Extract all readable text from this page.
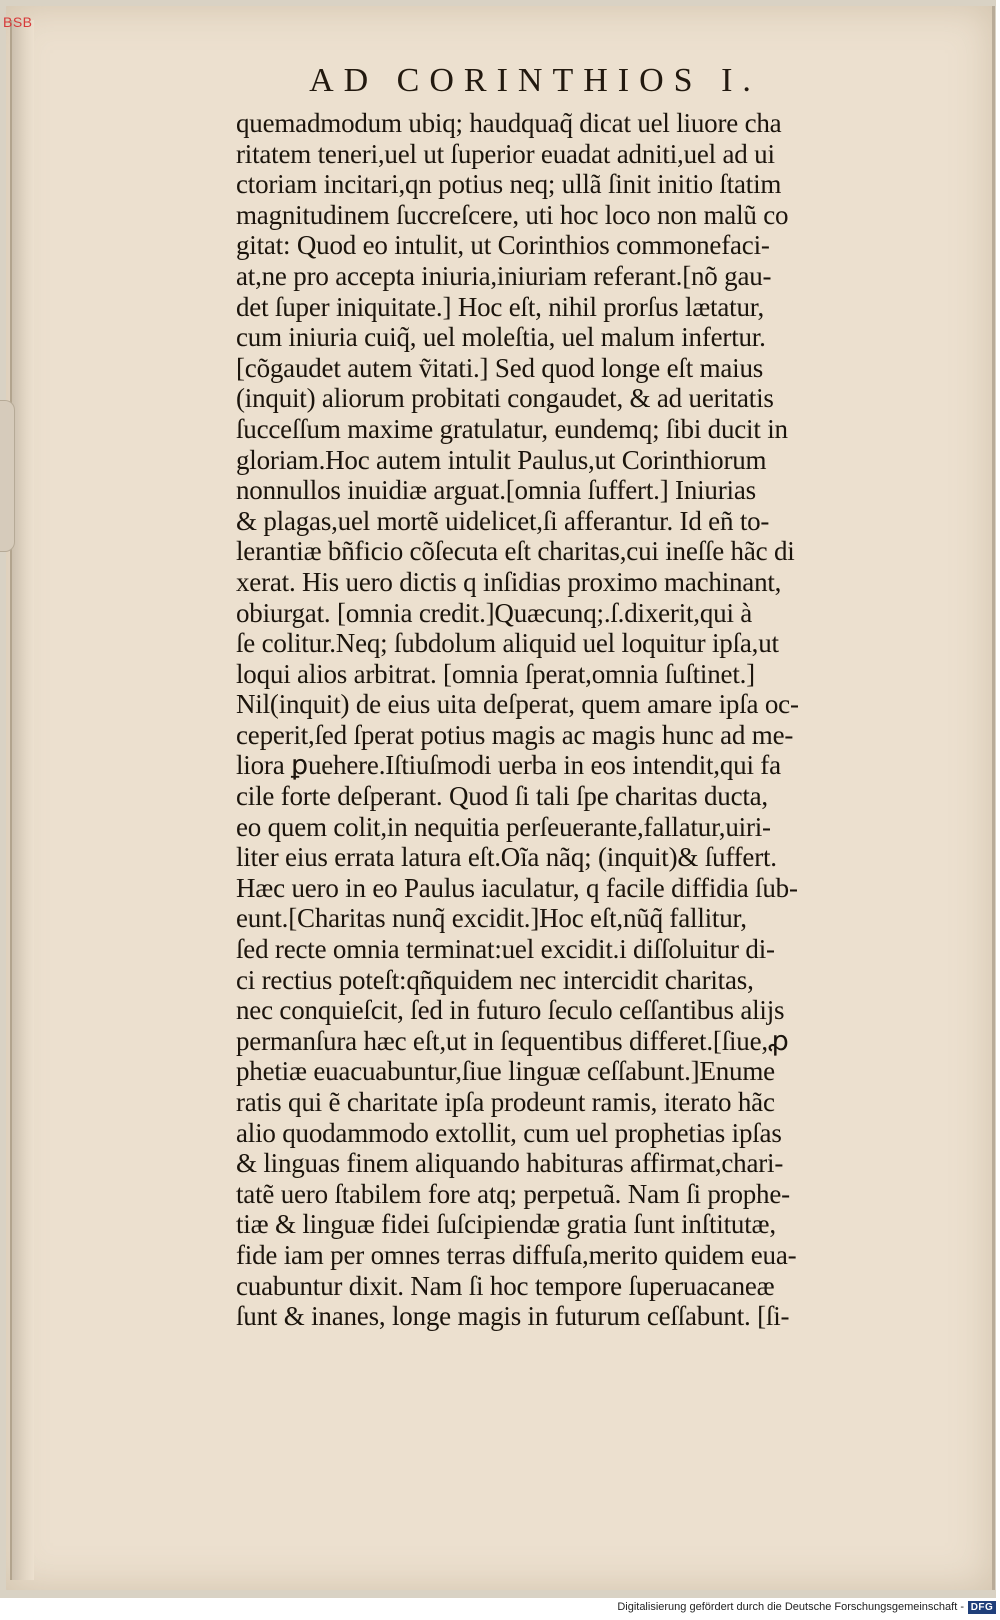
BSB
AD CORINTHIOS I.
quemadmodum ubiq; haudquaq̃ dicat uel liuore cha
ritatem teneri,uel ut ſuperior euadat adniti,uel ad ui
ctoriam incitari,qn potius neq; ullã ſinit initio ſtatim
magnitudinem ſuccreſcere, uti hoc loco non malũ co
gitat: Quod eo intulit, ut Corinthios commonefaci-
at,ne pro accepta iniuria,iniuriam referant.[nõ gau-
det ſuper iniquitate.] Hoc eſt, nihil prorſus lætatur,
cum iniuria cuiq̃, uel moleſtia, uel malum infertur.
[cõgaudet autem ṽitati.] Sed quod longe eſt maius
(inquit) aliorum probitati congaudet, & ad ueritatis
ſucceſſum maxime gratulatur, eundemq; ſibi ducit in
gloriam.Hoc autem intulit Paulus,ut Corinthiorum
nonnullos inuidiæ arguat.[omnia ſuffert.] Iniurias
& plagas,uel mortẽ uidelicet,ſi afferantur. Id eñ to-
lerantiæ bñficio cõſecuta eſt charitas,cui ineſſe hãc di
xerat. His uero dictis q inſidias proximo machinant,
obiurgat. [omnia credit.]Quæcunq;.ſ.dixerit,qui à
ſe colitur.Neq; ſubdolum aliquid uel loquitur ipſa,ut
loqui alios arbitrat. [omnia ſperat,omnia ſuſtinet.]
Nil(inquit) de eius uita deſperat, quem amare ipſa oc-
ceperit,ſed ſperat potius magis ac magis hunc ad me-
liora ꝑuehere.Iſtiuſmodi uerba in eos intendit,qui fa
cile forte deſperant. Quod ſi tali ſpe charitas ducta,
eo quem colit,in nequitia perſeuerante,fallatur,uiri-
liter eius errata latura eſt.Oĩa nãq; (inquit)& ſuffert.
Hæc uero in eo Paulus iaculatur, q facile diffidia ſub-
eunt.[Charitas nunq̃ excidit.]Hoc eſt,nũq̃ fallitur,
ſed recte omnia terminat:uel excidit.i diſſoluitur di-
ci rectius poteſt:qñquidem nec intercidit charitas,
nec conquieſcit, ſed in futuro ſeculo ceſſantibus alijs
permanſura hæc eſt,ut in ſequentibus differet.[ſiue,ꝓ
phetiæ euacuabuntur,ſiue linguæ ceſſabunt.]Enume
ratis qui ẽ charitate ipſa prodeunt ramis, iterato hãc
alio quodammodo extollit, cum uel prophetias ipſas
& linguas finem aliquando habituras affirmat,chari-
tatẽ uero ſtabilem fore atq; perpetuã. Nam ſi prophe-
tiæ & linguæ fidei ſuſcipiendæ gratia ſunt inſtitutæ,
fide iam per omnes terras diffuſa,merito quidem eua-
cuabuntur dixit. Nam ſi hoc tempore ſuperuacaneæ
ſunt & inanes, longe magis in futurum ceſſabunt. [ſi-
Digitalisierung gefördert durch die Deutsche Forschungsgemeinschaft - DFG
